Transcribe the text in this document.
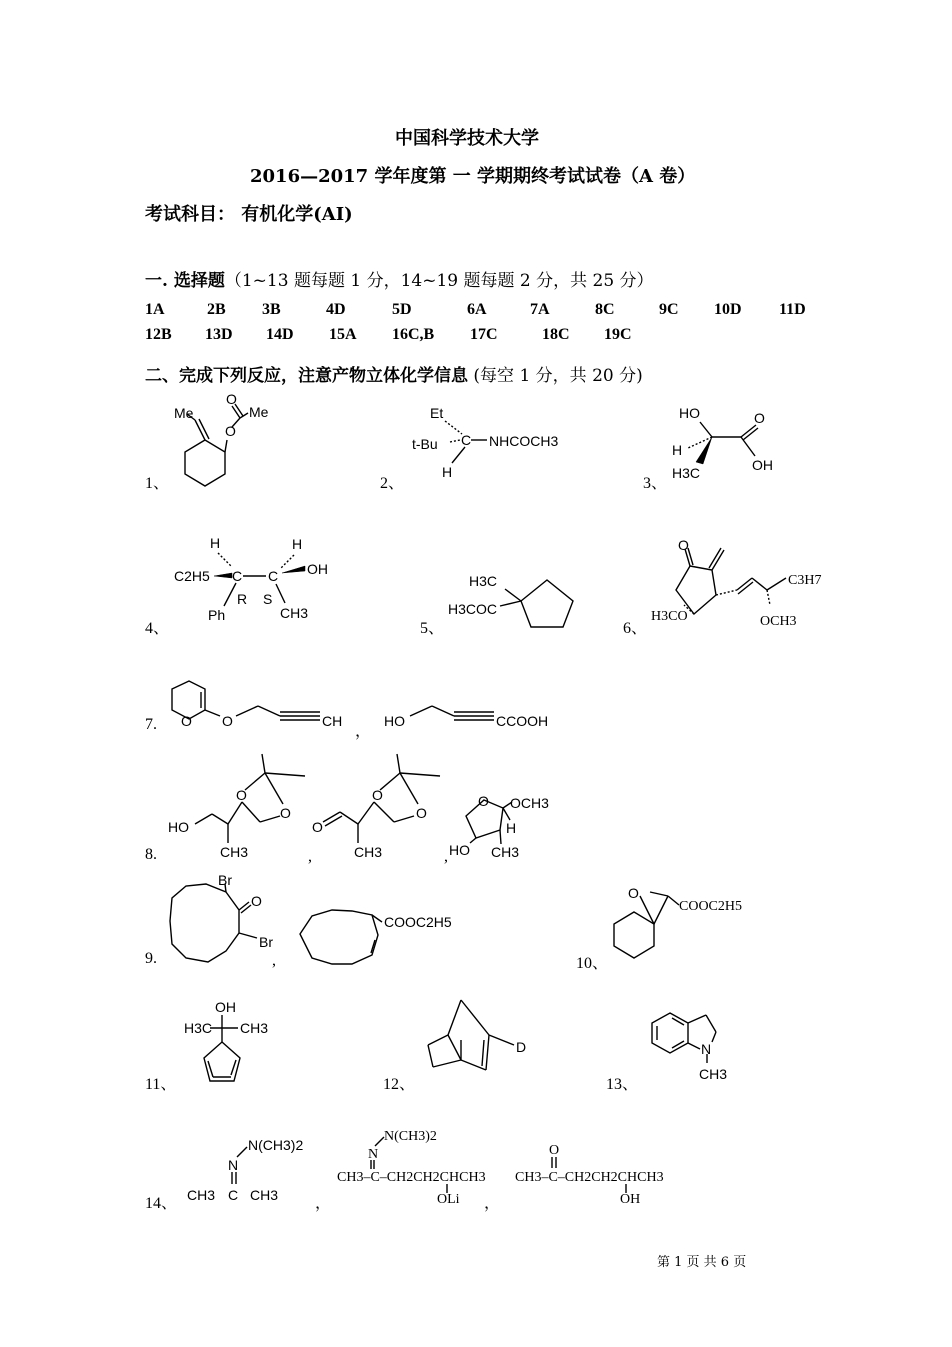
中国科学技术大学
2016—2017 学年度第 一 学期期终考试试卷（A 卷）
考试科目： 有机化学(AI)
一. 选择题（1~13 题每题 1 分，14~19 题每题 2 分，共 25 分）
1A	2B 3B	4D	5D	6A	7A	8C	9C 10D 11D
12B 13D 14D 15A 16C,B 17C	18C 19C
二、完成下列反应，注意产物立体化学信息 (每空 1 分，共 20 分)
1、	2、	3、
4、	5、	6、
7.
8.
9.	10、
11、	12、	13、
14、
，
,	,
,
，	，
Me
O
Me
O
Et
t-Bu C NHCOCH3
H
HO	O
H
H3C	OH
H	H
C2H5 C C OH
R S
Ph	CH3
H3C
H3COC
O
C3H7
H3CO	OCH3
O O	CH	HO	CCOOH
O
O
HO
CH3
O
O
O
CH3
O OCH3
H
HO CH3
Br
O
Br
COOC2H5
O
COOC2H5
OH
H3C CH3
D	N
CH3
N(CH3)2
N
CH3 C CH3
N(CH3)2
N
CH3–C–CH2CH2CHCH3
OLi
O
CH3–C–CH2CH2CHCH3
OH
第 1 页 共 6 页
